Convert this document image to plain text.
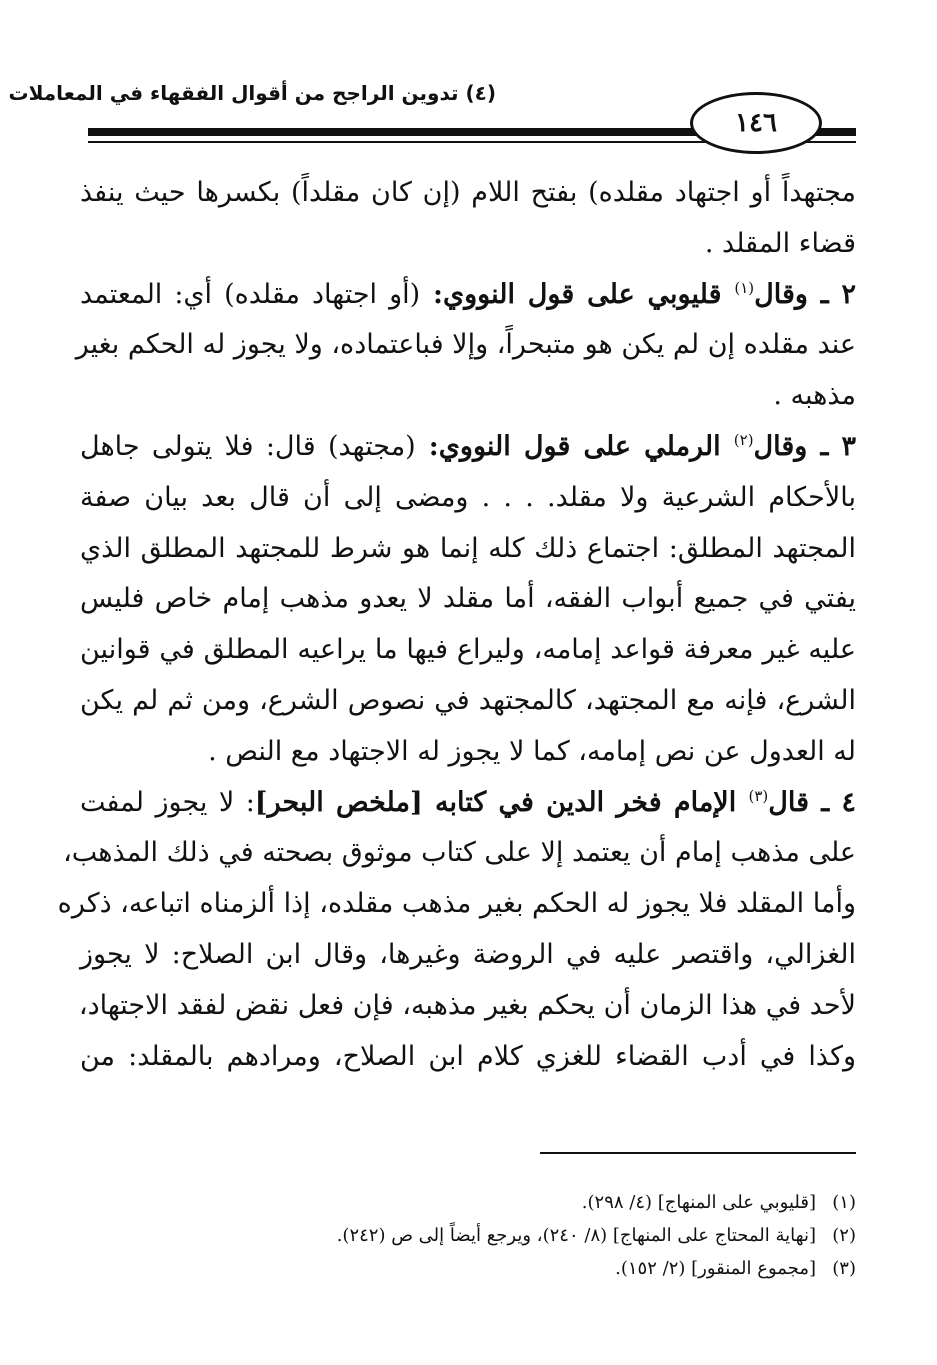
(٤) تدوين الراجح من أقوال الفقهاء في المعاملات
١٤٦
مجتهداً أو اجتهاد مقلده) بفتح اللام (إن كان مقلداً) بكسرها حيث ينفذ
قضاء المقلد .
٢ ـ وقال$^{(١)}$ قليوبي على قول النووي: (أو اجتهاد مقلده) أي: المعتمد
عند مقلده إن لم يكن هو متبحراً، وإلا فباعتماده، ولا يجوز له الحكم بغير
مذهبه .
٣ ـ وقال$^{(٢)}$ الرملي على قول النووي: (مجتهد) قال: فلا يتولى جاهل
بالأحكام الشرعية ولا مقلد. . . . ومضى إلى أن قال بعد بيان صفة
المجتهد المطلق: اجتماع ذلك كله إنما هو شرط للمجتهد المطلق الذي
يفتي في جميع أبواب الفقه، أما مقلد لا يعدو مذهب إمام خاص فليس
عليه غير معرفة قواعد إمامه، وليراع فيها ما يراعيه المطلق في قوانين
الشرع، فإنه مع المجتهد، كالمجتهد في نصوص الشرع، ومن ثم لم يكن
له العدول عن نص إمامه، كما لا يجوز له الاجتهاد مع النص .
٤ ـ قال$^{(٣)}$ الإمام فخر الدين في كتابه [ملخص البحر]: لا يجوز لمفت
على مذهب إمام أن يعتمد إلا على كتاب موثوق بصحته في ذلك المذهب،
وأما المقلد فلا يجوز له الحكم بغير مذهب مقلده، إذا ألزمناه اتباعه، ذكره
الغزالي، واقتصر عليه في الروضة وغيرها، وقال ابن الصلاح: لا يجوز
لأحد في هذا الزمان أن يحكم بغير مذهبه، فإن فعل نقض لفقد الاجتهاد،
وكذا في أدب القضاء للغزي كلام ابن الصلاح، ومرادهم بالمقلد: من
(١)[قليوبي على المنهاج] (٤/ ٢٩٨).
(٢)[نهاية المحتاج على المنهاج] (٨/ ٢٤٠)، ويرجع أيضاً إلى ص (٢٤٢).
(٣)[مجموع المنقور] (٢/ ١٥٢).
